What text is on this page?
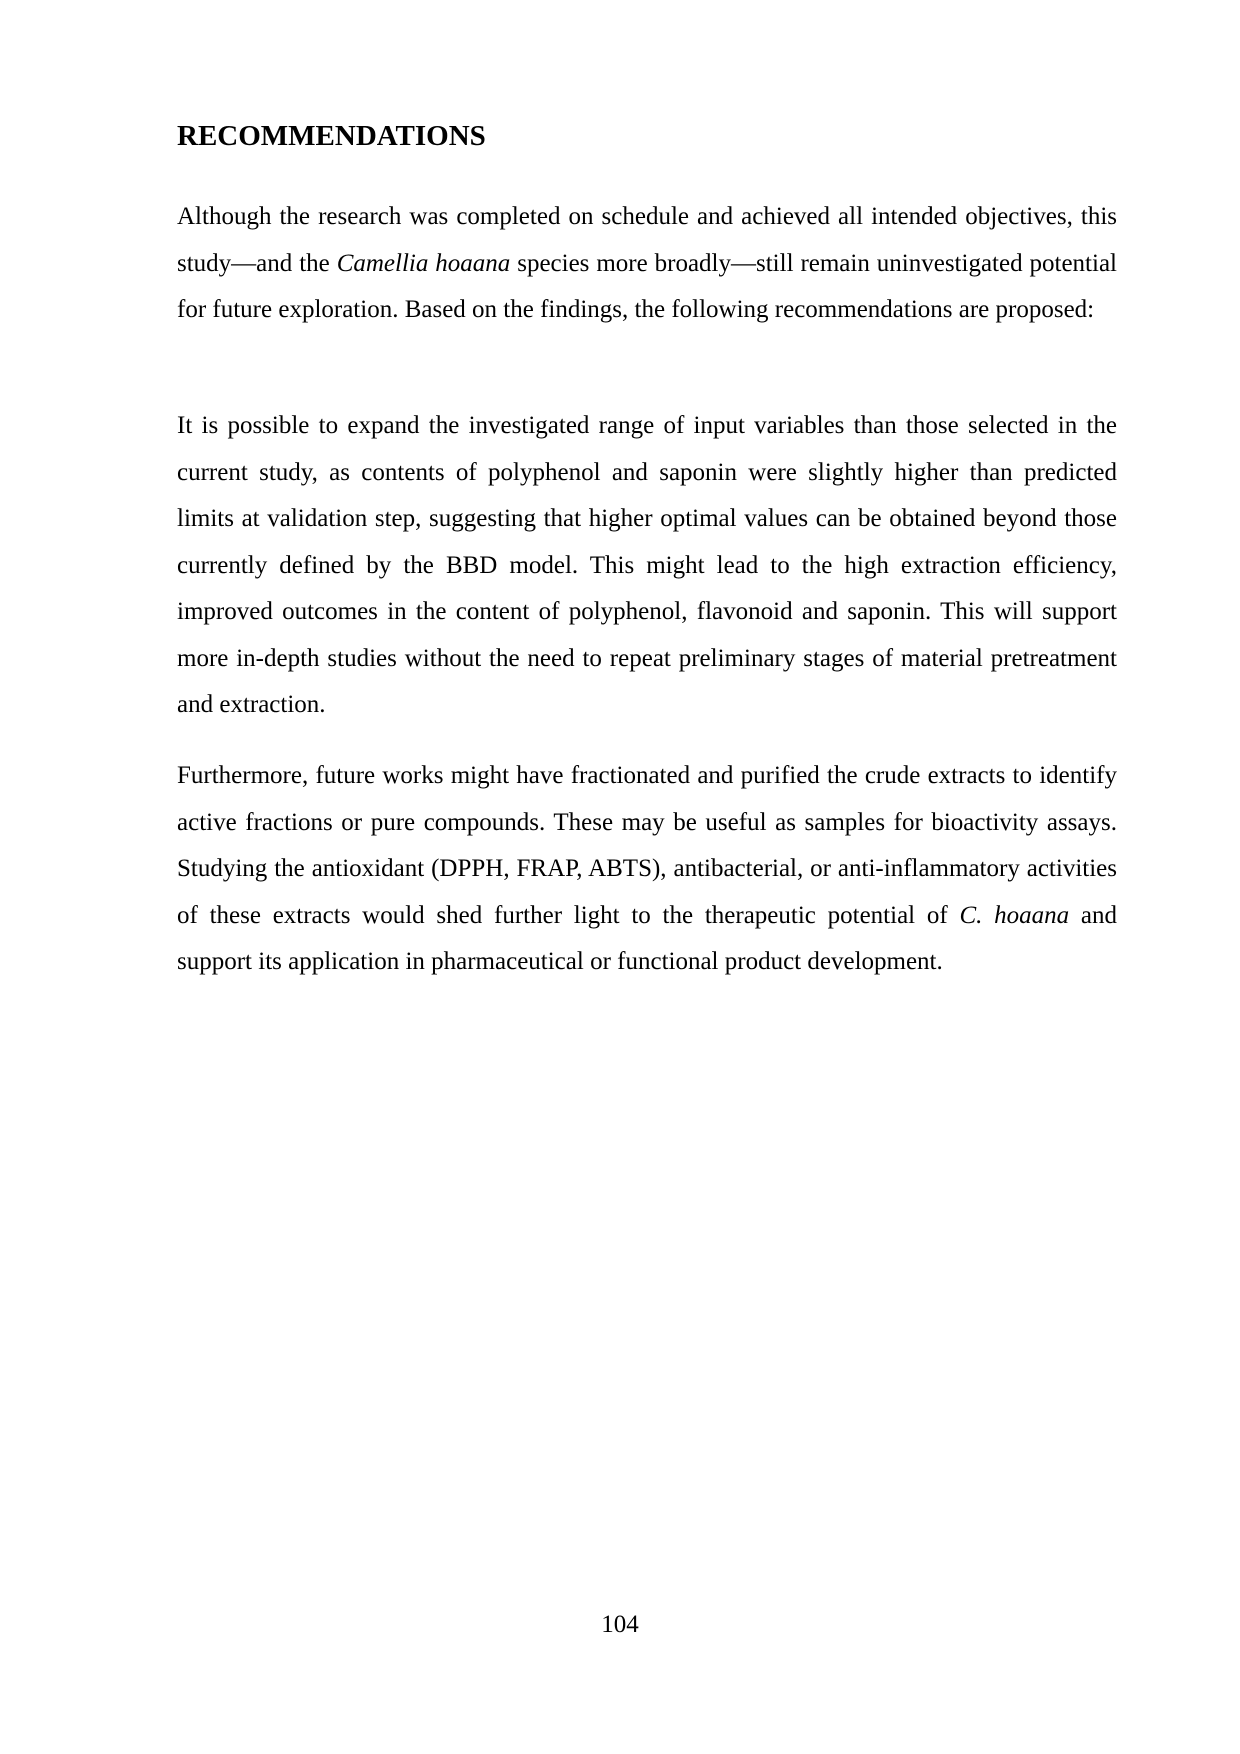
RECOMMENDATIONS

Although the research was completed on schedule and achieved all intended objectives, this study—and the Camellia hoaana species more broadly—still remain uninvestigated potential for future exploration. Based on the findings, the following recommendations are proposed:

It is possible to expand the investigated range of input variables than those selected in the current study, as contents of polyphenol and saponin were slightly higher than predicted limits at validation step, suggesting that higher optimal values can be obtained beyond those currently defined by the BBD model. This might lead to the high extraction efficiency, improved outcomes in the content of polyphenol, flavonoid and saponin. This will support more in-depth studies without the need to repeat preliminary stages of material pretreatment and extraction.

Furthermore, future works might have fractionated and purified the crude extracts to identify active fractions or pure compounds. These may be useful as samples for bioactivity assays. Studying the antioxidant (DPPH, FRAP, ABTS), antibacterial, or anti-inflammatory activities of these extracts would shed further light to the therapeutic potential of C. hoaana and support its application in pharmaceutical or functional product development.

104
